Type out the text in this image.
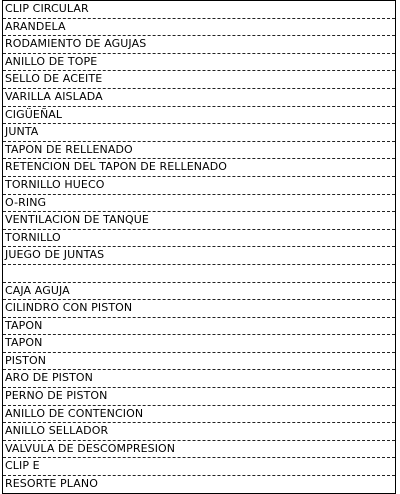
CLIP CIRCULAR
ARANDELA
RODAMIENTO DE AGUJAS
ANILLO DE TOPE
SELLO DE ACEITE
VARILLA AISLADA
CIGÜEÑAL
JUNTA
TAPON DE RELLENADO
RETENCION DEL TAPON DE RELLENADO
TORNILLO HUECO
O-RING
VENTILACION DE TANQUE
TORNILLO
JUEGO DE JUNTAS
CAJA AGUJA
CILINDRO CON PISTON
TAPON
TAPON
PISTON
ARO DE PISTON
PERNO DE PISTON
ANILLO DE CONTENCION
ANILLO SELLADOR
VALVULA DE DESCOMPRESION
CLIP E
RESORTE PLANO
